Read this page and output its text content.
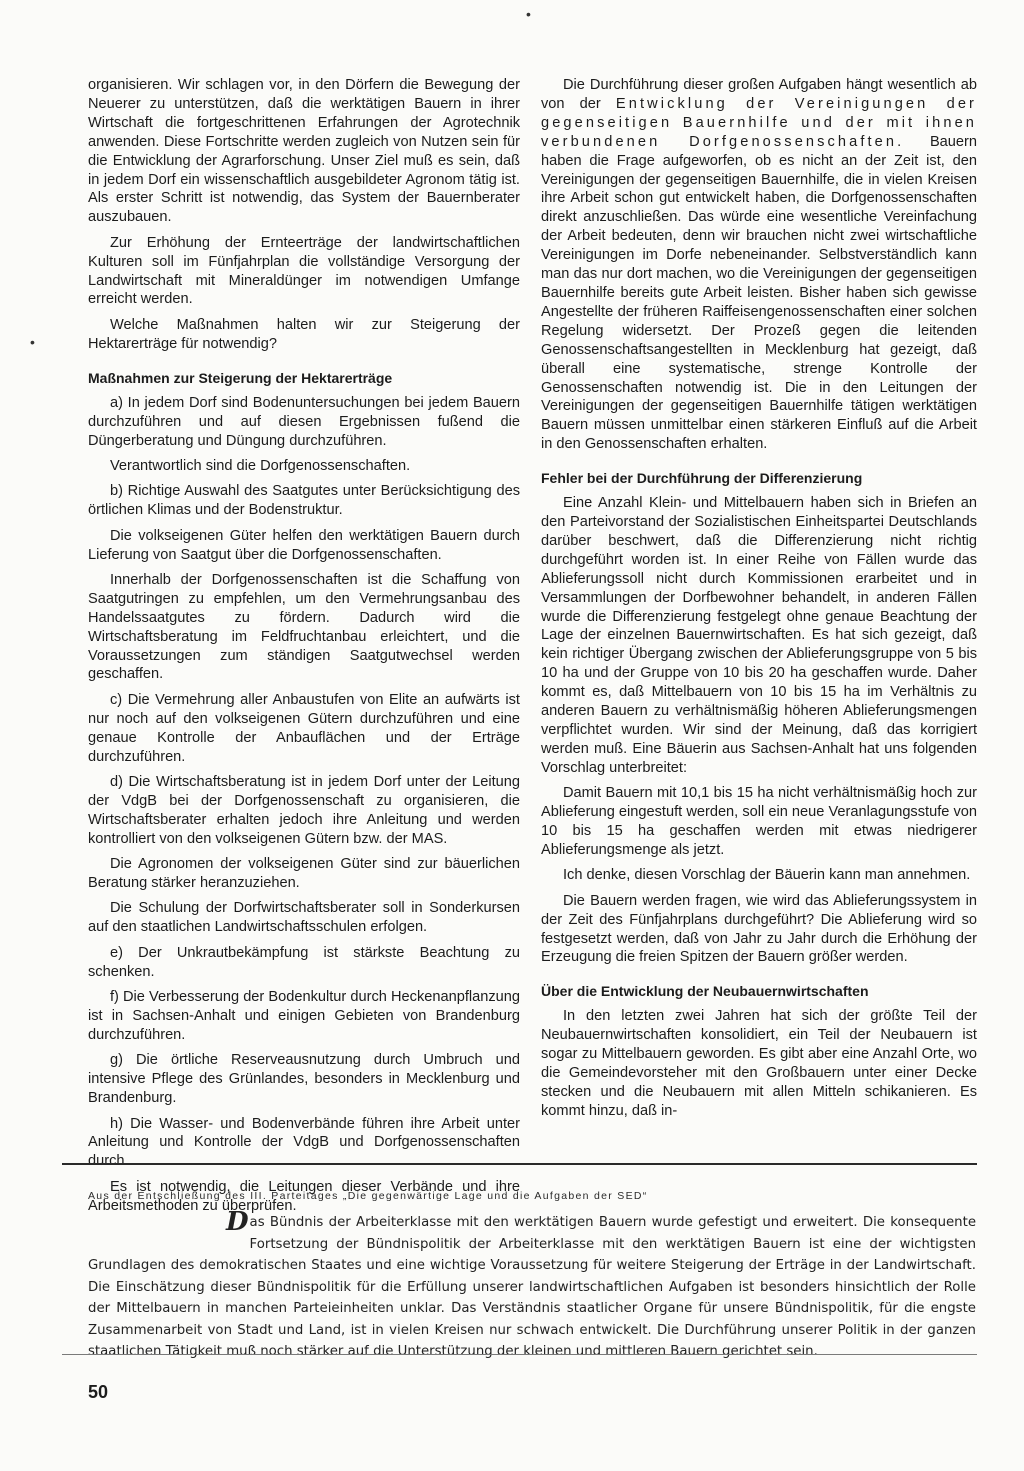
organisieren. Wir schlagen vor, in den Dörfern die Bewegung der Neuerer zu unterstützen, daß die werktätigen Bauern in ihrer Wirtschaft die fortgeschrittenen Erfahrungen der Agrotechnik anwenden. Diese Fortschritte werden zugleich von Nutzen sein für die Entwicklung der Agrarforschung. Unser Ziel muß es sein, daß in jedem Dorf ein wissenschaftlich ausgebildeter Agronom tätig ist. Als erster Schritt ist notwendig, das System der Bauernberater auszubauen.

Zur Erhöhung der Ernteerträge der landwirtschaftlichen Kulturen soll im Fünfjahrplan die vollständige Versorgung der Landwirtschaft mit Mineraldünger im notwendigen Umfange erreicht werden.

Welche Maßnahmen halten wir zur Steigerung der Hektarerträge für notwendig?

Maßnahmen zur Steigerung der Hektarerträge

a) In jedem Dorf sind Bodenuntersuchungen bei jedem Bauern durchzuführen und auf diesen Ergebnissen fußend die Düngerberatung und Düngung durchzuführen.

Verantwortlich sind die Dorfgenossenschaften.

b) Richtige Auswahl des Saatgutes unter Berücksichtigung des örtlichen Klimas und der Bodenstruktur.

Die volkseigenen Güter helfen den werktätigen Bauern durch Lieferung von Saatgut über die Dorfgenossenschaften.

Innerhalb der Dorfgenossenschaften ist die Schaffung von Saatgutringen zu empfehlen, um den Vermehrungsanbau des Handelssaatgutes zu fördern. Dadurch wird die Wirtschaftsberatung im Feldfruchtanbau erleichtert, und die Voraussetzungen zum ständigen Saatgutwechsel werden geschaffen.

c) Die Vermehrung aller Anbaustufen von Elite an aufwärts ist nur noch auf den volkseigenen Gütern durchzuführen und eine genaue Kontrolle der Anbauflächen und der Erträge durchzuführen.

d) Die Wirtschaftsberatung ist in jedem Dorf unter der Leitung der VdgB bei der Dorfgenossenschaft zu organisieren, die Wirtschaftsberater erhalten jedoch ihre Anleitung und werden kontrolliert von den volkseigenen Gütern bzw. der MAS.

Die Agronomen der volkseigenen Güter sind zur bäuerlichen Beratung stärker heranzuziehen.

Die Schulung der Dorfwirtschaftsberater soll in Sonderkursen auf den staatlichen Landwirtschaftsschulen erfolgen.

e) Der Unkrautbekämpfung ist stärkste Beachtung zu schenken.

f) Die Verbesserung der Bodenkultur durch Heckenanpflanzung ist in Sachsen-Anhalt und einigen Gebieten von Brandenburg durchzuführen.

g) Die örtliche Reserveausnutzung durch Umbruch und intensive Pflege des Grünlandes, besonders in Mecklenburg und Brandenburg.

h) Die Wasser- und Bodenverbände führen ihre Arbeit unter Anleitung und Kontrolle der VdgB und Dorfgenossenschaften durch.

Es ist notwendig, die Leitungen dieser Verbände und ihre Arbeitsmethoden zu überprüfen.

Die Durchführung dieser großen Aufgaben hängt wesentlich ab von der Entwicklung der Vereinigungen der gegenseitigen Bauernhilfe und der mit ihnen verbundenen Dorfgenossenschaften. Bauern haben die Frage aufgeworfen, ob es nicht an der Zeit ist, den Vereinigungen der gegenseitigen Bauernhilfe, die in vielen Kreisen ihre Arbeit schon gut entwickelt haben, die Dorfgenossenschaften direkt anzuschließen. Das würde eine wesentliche Vereinfachung der Arbeit bedeuten, denn wir brauchen nicht zwei wirtschaftliche Vereinigungen im Dorfe nebeneinander. Selbstverständlich kann man das nur dort machen, wo die Vereinigungen der gegenseitigen Bauernhilfe bereits gute Arbeit leisten. Bisher haben sich gewisse Angestellte der früheren Raiffeisengenossenschaften einer solchen Regelung widersetzt. Der Prozeß gegen die leitenden Genossenschaftsangestellten in Mecklenburg hat gezeigt, daß überall eine systematische, strenge Kontrolle der Genossenschaften notwendig ist. Die in den Leitungen der Vereinigungen der gegenseitigen Bauernhilfe tätigen werktätigen Bauern müssen unmittelbar einen stärkeren Einfluß auf die Arbeit in den Genossenschaften erhalten.

Fehler bei der Durchführung der Differenzierung

Eine Anzahl Klein- und Mittelbauern haben sich in Briefen an den Parteivorstand der Sozialistischen Einheitspartei Deutschlands darüber beschwert, daß die Differenzierung nicht richtig durchgeführt worden ist. In einer Reihe von Fällen wurde das Ablieferungssoll nicht durch Kommissionen erarbeitet und in Versammlungen der Dorfbewohner behandelt, in anderen Fällen wurde die Differenzierung festgelegt ohne genaue Beachtung der Lage der einzelnen Bauernwirtschaften. Es hat sich gezeigt, daß kein richtiger Übergang zwischen der Ablieferungsgruppe von 5 bis 10 ha und der Gruppe von 10 bis 20 ha geschaffen wurde. Daher kommt es, daß Mittelbauern von 10 bis 15 ha im Verhältnis zu anderen Bauern zu verhältnismäßig höheren Ablieferungsmengen verpflichtet wurden. Wir sind der Meinung, daß das korrigiert werden muß. Eine Bäuerin aus Sachsen-Anhalt hat uns folgenden Vorschlag unterbreitet:

Damit Bauern mit 10,1 bis 15 ha nicht verhältnismäßig hoch zur Ablieferung eingestuft werden, soll ein neue Veranlagungsstufe von 10 bis 15 ha geschaffen werden mit etwas niedrigerer Ablieferungsmenge als jetzt.

Ich denke, diesen Vorschlag der Bäuerin kann man annehmen.

Die Bauern werden fragen, wie wird das Ablieferungssystem in der Zeit des Fünfjahrplans durchgeführt? Die Ablieferung wird so festgesetzt werden, daß von Jahr zu Jahr durch die Erhöhung der Erzeugung die freien Spitzen der Bauern größer werden.

Über die Entwicklung der Neubauernwirtschaften

In den letzten zwei Jahren hat sich der größte Teil der Neubauernwirtschaften konsolidiert, ein Teil der Neubauern ist sogar zu Mittelbauern geworden. Es gibt aber eine Anzahl Orte, wo die Gemeindevorsteher mit den Großbauern unter einer Decke stecken und die Neubauern mit allen Mitteln schikanieren. Es kommt hinzu, daß in-

Aus der Entschließung des III. Parteitages „Die gegenwärtige Lage und die Aufgaben der SED“
Das Bündnis der Arbeiterklasse mit den werktätigen Bauern wurde gefestigt und erweitert. Die konsequente Fortsetzung der Bündnispolitik der Arbeiterklasse mit den werktätigen Bauern ist eine der wichtigsten Grundlagen des demokratischen Staates und eine wichtige Voraussetzung für weitere Steigerung der Erträge in der Landwirtschaft. Die Einschätzung dieser Bündnispolitik für die Erfüllung unserer landwirtschaftlichen Aufgaben ist besonders hinsichtlich der Rolle der Mittelbauern in manchen Parteieinheiten unklar. Das Verständnis staatlicher Organe für unsere Bündnispolitik, für die engste Zusammenarbeit von Stadt und Land, ist in vielen Kreisen nur schwach entwickelt. Die Durchführung unserer Politik in der ganzen staatlichen Tätigkeit muß noch stärker auf die Unterstützung der kleinen und mittleren Bauern gerichtet sein.
50
•
•
